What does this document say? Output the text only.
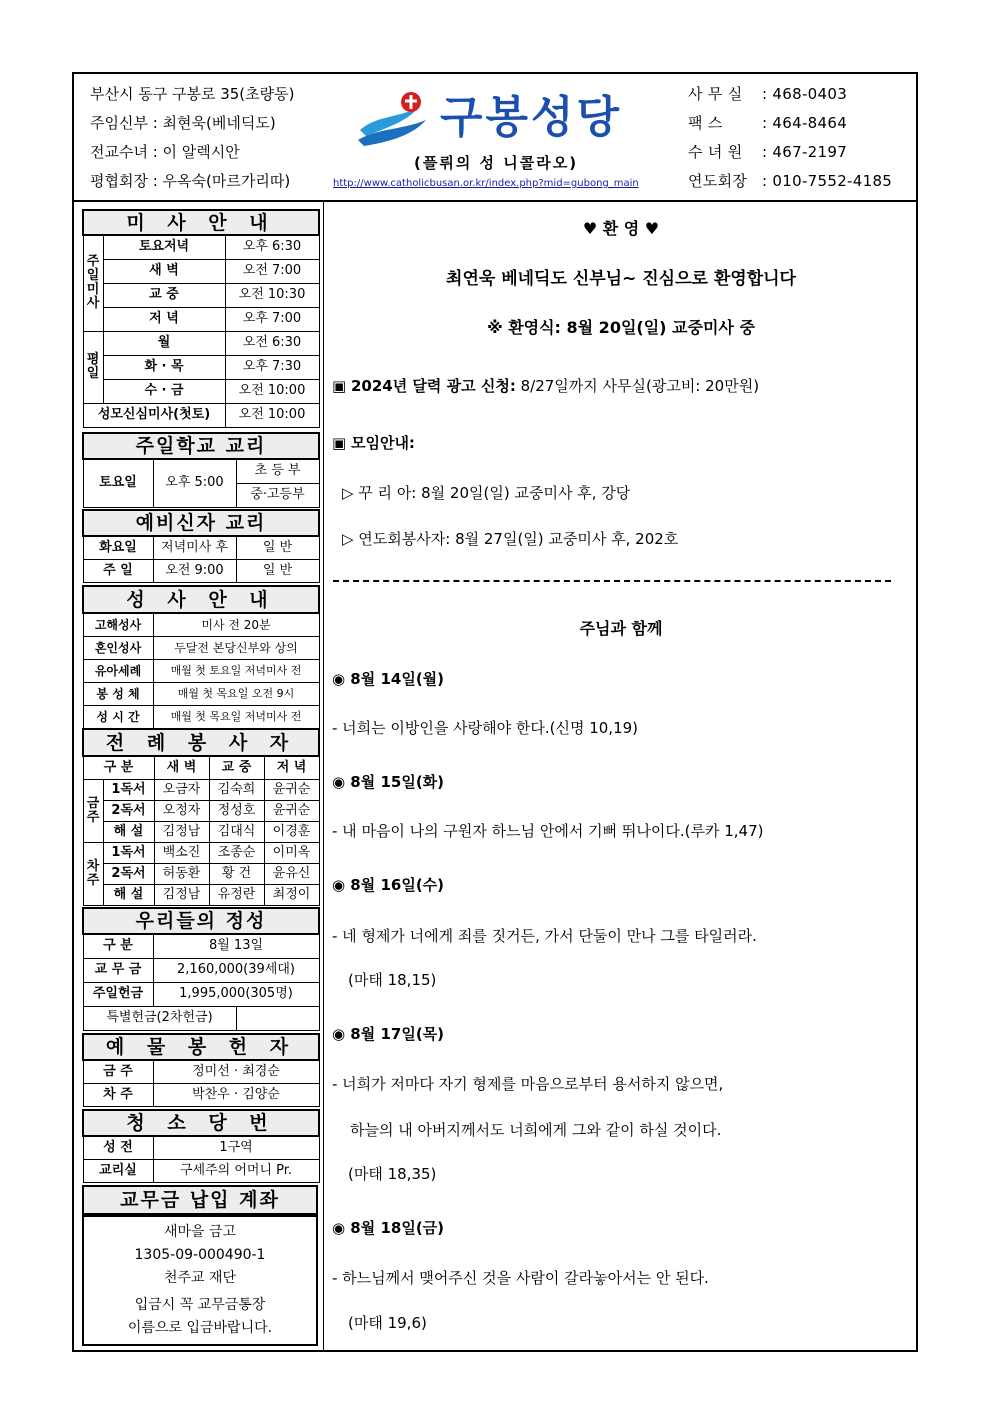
부산시 동구 구봉로 35(초량동)
주임신부 : 최현욱(베네딕도)
전교수녀 : 이 알렉시안
평협회장 : 우옥숙(마르가리따)
구봉성당
(플뤼의 성 니콜라오)
http://www.catholicbusan.or.kr/index.php?mid=gubong_main
사 무 실 : 468-0403
팩 스	: 464-8464
수 녀 원 : 467-2197
연도회장 : 010-7552-4185
미 사 안 내		
주일미사	토요저녁	오후 6:30
	새 벽	오전 7:00
	교 중	오전 10:30
	저 녁	오후 7:00
평일	월	오전 6:30
	화 · 목	오후 7:30
	수 · 금	오전 10:00
성모신심미사(첫토)		오전 10:00
주일학교 교리
토요일	오후 5:00	초 등 부
중·고등부
예비신자 교리		
화요일	저녁미사 후	일 반
주 일	오전 9:00	일 반
성 사 안 내	
고해성사	미사 전 20분
혼인성사	두달전 본당신부와 상의
유아세례	매월 첫 토요일 저녁미사 전
봉 성 체	매월 첫 목요일 오전 9시
성 시 간	매월 첫 목요일 저녁미사 전
전 례 봉 사 자				
구 분		새 벽	교 중	저 녁
금주	1독서	오금자	김숙희	윤귀순
	2독서	오정자	정성호	윤귀순
	해 설	김정남	김대식	이경훈
차주	1독서	백소진	조종순	이미옥
	2독서	허동환	황 건	윤유신
	해 설	김정남	유정란	최정이
우리들의 정성		
구 분	8월 13일	
교 무 금	2,160,000(39세대)	
주일헌금	1,995,000(305명)	
특별헌금(2차헌금)		
예 물 봉 헌 자	
금 주	정미선 · 최경순
차 주	박찬우 · 김양순
청 소 당 번	
성 전	1구역
교리실	구세주의 어머니 Pr.
교무금 납입 계좌
새마을 금고
1305-09-000490-1
천주교 재단
입금시 꼭 교무금통장
이름으로 입금바랍니다.
♥ 환 영 ♥
최연욱 베네딕도 신부님~ 진심으로 환영합니다
※ 환영식: 8월 20일(일) 교중미사 중
▣ 2024년 달력 광고 신청: 8/27일까지 사무실(광고비: 20만원)
▣ 모임안내:
▷ 꾸 리 아: 8월 20일(일) 교중미사 후, 강당
▷ 연도회봉사자: 8월 27일(일) 교중미사 후, 202호
주님과 함께
◉ 8월 14일(월)
- 너희는 이방인을 사랑해야 한다.(신명 10,19)
◉ 8월 15일(화)
- 내 마음이 나의 구원자 하느님 안에서 기뻐 뛰나이다.(루카 1,47)
◉ 8월 16일(수)
- 네 형제가 너에게 죄를 짓거든, 가서 단둘이 만나 그를 타일러라.
(마태 18,15)
◉ 8월 17일(목)
- 너희가 저마다 자기 형제를 마음으로부터 용서하지 않으면,
하늘의 내 아버지께서도 너희에게 그와 같이 하실 것이다.
(마태 18,35)
◉ 8월 18일(금)
- 하느님께서 맺어주신 것을 사람이 갈라놓아서는 안 된다.
(마태 19,6)
